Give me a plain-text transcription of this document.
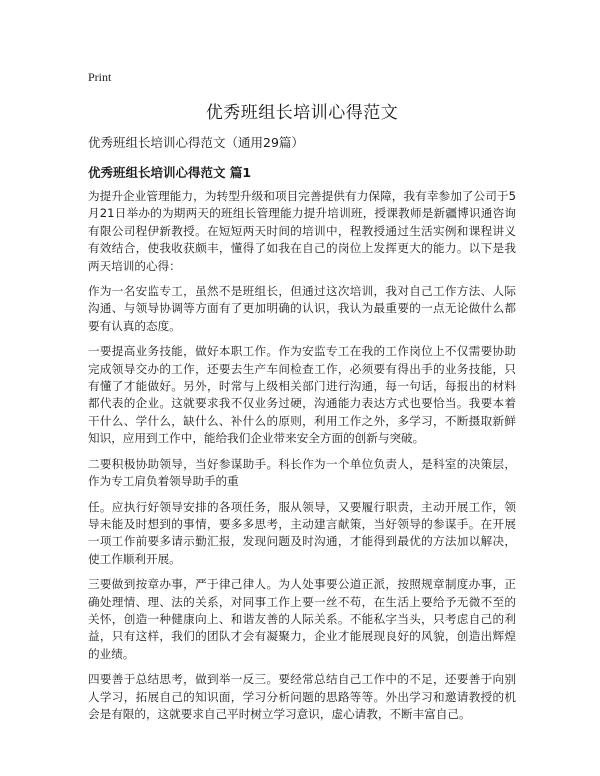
Print
优秀班组长培训心得范文
优秀班组长培训心得范文（通用29篇）
优秀班组长培训心得范文 篇1

为提升企业管理能力，为转型升级和项目完善提供有力保障，我有幸参加了公司于5月21日举办的为期两天的班组长管理能力提升培训班，授课教师是新疆博识通咨询有限公司程伊新教授。在短短两天时间的培训中，程教授通过生活实例和课程讲义有效结合，使我收获颇丰，懂得了如我在自己的岗位上发挥更大的能力。以下是我两天培训的心得：

作为一名安监专工，虽然不是班组长，但通过这次培训，我对自己工作方法、人际沟通、与领导协调等方面有了更加明确的认识，我认为最重要的一点无论做什么都要有认真的态度。

一要提高业务技能，做好本职工作。作为安监专工在我的工作岗位上不仅需要协助完成领导交办的工作，还要去生产车间检查工作，必须要有得出手的业务技能，只有懂了才能做好。另外，时常与上级相关部门进行沟通，每一句话，每报出的材料都代表的企业。这就要求我不仅业务过硬，沟通能力表达方式也要恰当。我要本着干什么、学什么，缺什么、补什么的原则，利用工作之外，多学习，不断摄取新鲜知识，应用到工作中，能给我们企业带来安全方面的创新与突破。

二要积极协助领导，当好参谋助手。科长作为一个单位负责人，是科室的决策层，作为专工肩负着领导助手的重

任。应执行好领导安排的各项任务，服从领导，又要履行职责，主动开展工作，领导未能及时想到的事情，要多多思考，主动建言献策，当好领导的参谋手。在开展一项工作前要多请示勤汇报，发现问题及时沟通，才能得到最优的方法加以解决，使工作顺利开展。

三要做到按章办事，严于律己律人。为人处事要公道正派，按照规章制度办事，正确处理情、理、法的关系，对同事工作上要一丝不苟，在生活上要给予无微不至的关怀，创造一种健康向上、和谐友善的人际关系。不能私字当头，只考虑自己的利益，只有这样，我们的团队才会有凝聚力，企业才能展现良好的风貌，创造出辉煌的业绩。

四要善于总结思考，做到举一反三。要经常总结自己工作中的不足，还要善于向别人学习，拓展自己的知识面，学习分析问题的思路等等。外出学习和邀请教授的机会是有限的，这就要求自己平时树立学习意识，虚心请教，不断丰富自己。
